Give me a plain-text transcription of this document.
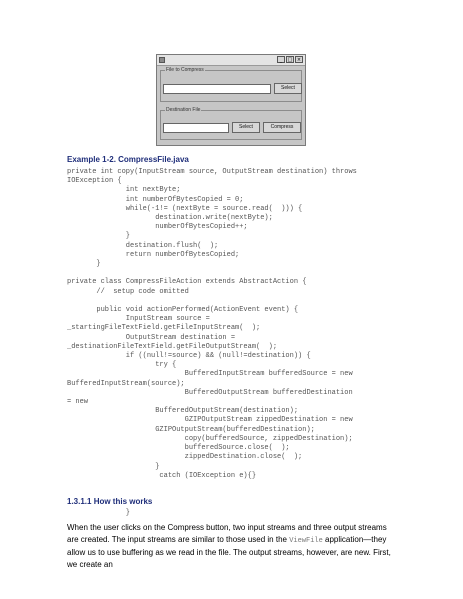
_	□ ×
File to Compress
Select
Destination File
Select	Compress
Example 1-2. CompressFile.java
private int copy(InputStream source, OutputStream destination) throws
IOException {
int nextByte;
int numberOfBytesCopied = 0;
while(-1!= (nextByte = source.read(  ))) {
destination.write(nextByte);
numberOfBytesCopied++;
}
destination.flush(  );
return numberOfBytesCopied;
}

private class CompressFileAction extends AbstractAction {
//  setup code omitted

public void actionPerformed(ActionEvent event) {
InputStream source =
_startingFileTextField.getFileInputStream(  );
OutputStream destination =
_destinationFileTextField.getFileOutputStream(  );
if ((null!=source) && (null!=destination)) {
try {
BufferedInputStream bufferedSource = new
BufferedInputStream(source);
BufferedOutputStream bufferedDestination
= new
BufferedOutputStream(destination);
GZIPOutputStream zippedDestination = new
GZIPOutputStream(bufferedDestination);
copy(bufferedSource, zippedDestination);
bufferedSource.close(  );
zippedDestination.close(  );
}
catch (IOException e){}

}

1.3.1.1 How this works

When the user clicks on the Compress button, two input streams and three output streams are created. The input streams are similar to those used in the ViewFile application—they allow us to use buffering as we read in the file. The output streams, however, are new. First, we create an
